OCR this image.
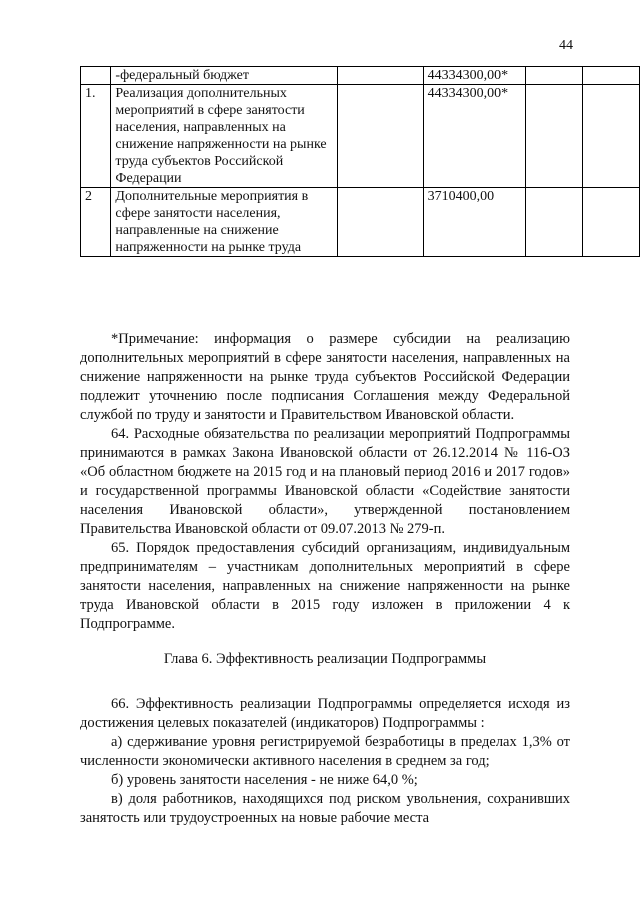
44
	-федеральный бюджет		44334300,00*		
1.	Реализация дополнительных мероприятий в сфере занятости населения, направленных на снижение напряженности на рынке труда субъектов Российской Федерации		44334300,00*		
2	Дополнительные мероприятия в сфере занятости населения, направленные на снижение напряженности на рынке труда		3710400,00		

*Примечание: информация о размере субсидии на реализацию дополнительных мероприятий в сфере занятости населения, направленных на снижение напряженности на рынке труда субъектов Российской Федерации подлежит уточнению после подписания Соглашения между Федеральной службой по труду и занятости и Правительством Ивановской области.

64. Расходные обязательства по реализации мероприятий Подпрограммы принимаются в рамках Закона Ивановской области от 26.12.2014 № 116-ОЗ «Об областном бюджете на 2015 год и на плановый период 2016 и 2017 годов» и государственной программы Ивановской области «Содействие занятости населения Ивановской области», утвержденной постановлением Правительства Ивановской области от 09.07.2013 № 279-п.

65. Порядок предоставления субсидий организациям, индивидуальным предпринимателям – участникам дополнительных мероприятий в сфере занятости населения, направленных на снижение напряженности на рынке труда Ивановской области в 2015 году изложен в приложении 4 к Подпрограмме.

Глава 6. Эффективность реализации Подпрограммы

66. Эффективность реализации Подпрограммы определяется исходя из достижения целевых показателей (индикаторов) Подпрограммы :

а) сдерживание уровня регистрируемой безработицы в пределах 1,3% от численности экономически активного населения в среднем за год;

б) уровень занятости населения - не ниже 64,0 %;

в) доля работников, находящихся под риском увольнения, сохранивших занятость или трудоустроенных на новые рабочие места
